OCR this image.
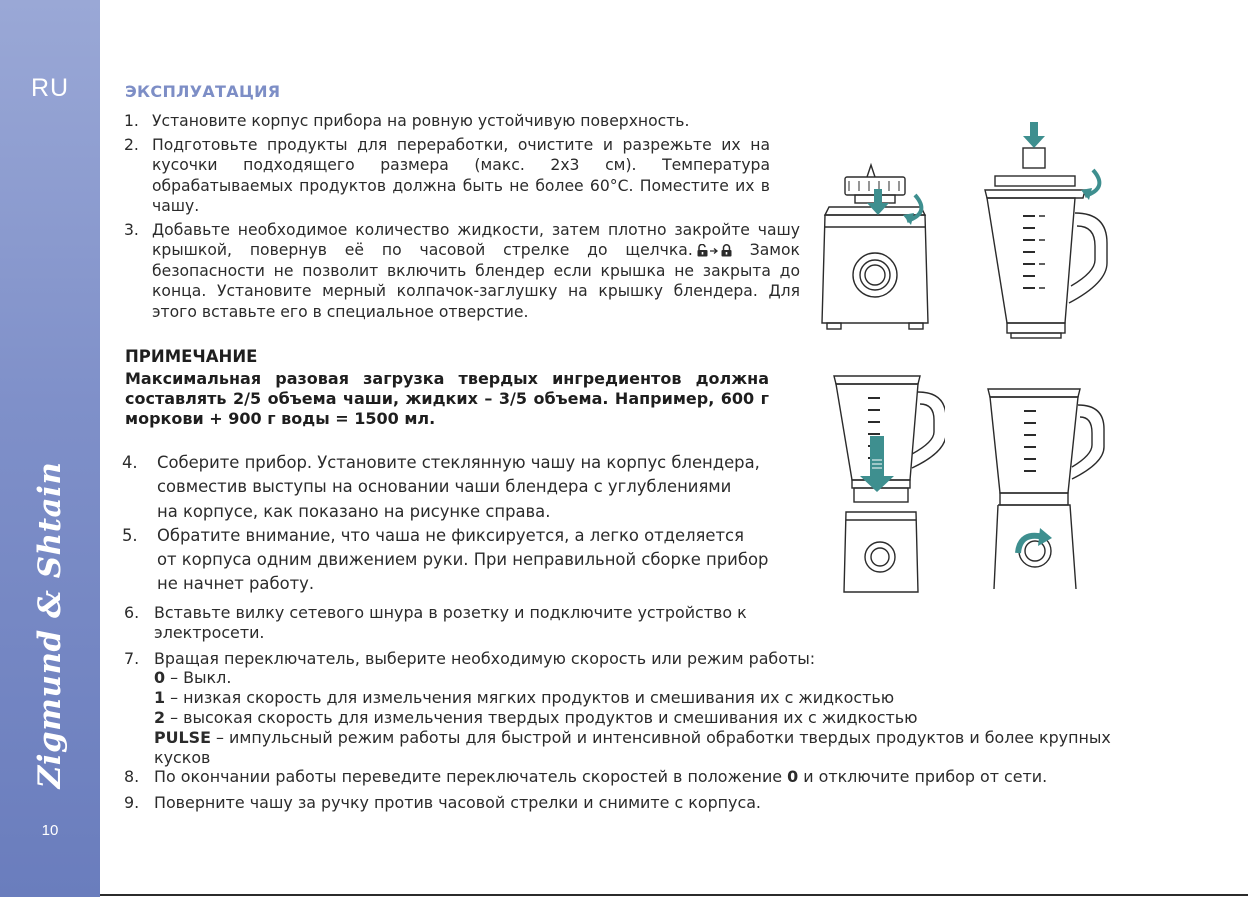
RU
Zigmund & Shtain
10
ЭКСПЛУАТАЦИЯ
1. Установите корпус прибора на ровную устойчивую поверхность.
2. Подготовьте продукты для переработки, очистите и разрежьте их на кусочки подходящего размера (макс. 2x3 см). Температура обрабатываемых продуктов должна быть не более 60°C. Поместите их в чашу.
3. Добавьте необходимое количество жидкости, затем плотно закройте чашу крышкой, повернув её по часовой стрелке до щелчка.	Замок безопасности не позволит включить блендер если крышка не закрыта до конца. Установите мерный колпачок-заглушку на крышку блендера. Для этого вставьте его в специальное отверстие.
ПРИМЕЧАНИЕ
Максимальная разовая загрузка твердых ингредиентов должна составлять 2/5 объема чаши, жидких – 3/5 объема. Например, 600 г моркови + 900 г воды = 1500 мл.
4. Соберите прибор. Установите стеклянную чашу на корпус блендера,
совместив выступы на основании чаши блендера с углублениями
на корпусе, как показано на рисунке справа.
5. Обратите внимание, что чаша не фиксируется, а легко отделяется
от корпуса одним движением руки. При неправильной сборке прибор
не начнет работу.
6. Вставьте вилку сетевого шнура в розетку и подключите устройство к
электросети.
7. Вращая переключатель, выберите необходимую скорость или режим работы:
0 – Выкл.
1 – низкая скорость для измельчения мягких продуктов и смешивания их с жидкостью
2 – высокая скорость для измельчения твердых продуктов и смешивания их с жидкостью
PULSE – импульсный режим работы для быстрой и интенсивной обработки твердых продуктов и более крупных
кусков
8. По окончании работы переведите переключатель скоростей в положение 0 и отключите прибор от сети.
9. Поверните чашу за ручку против часовой стрелки и снимите с корпуса.
